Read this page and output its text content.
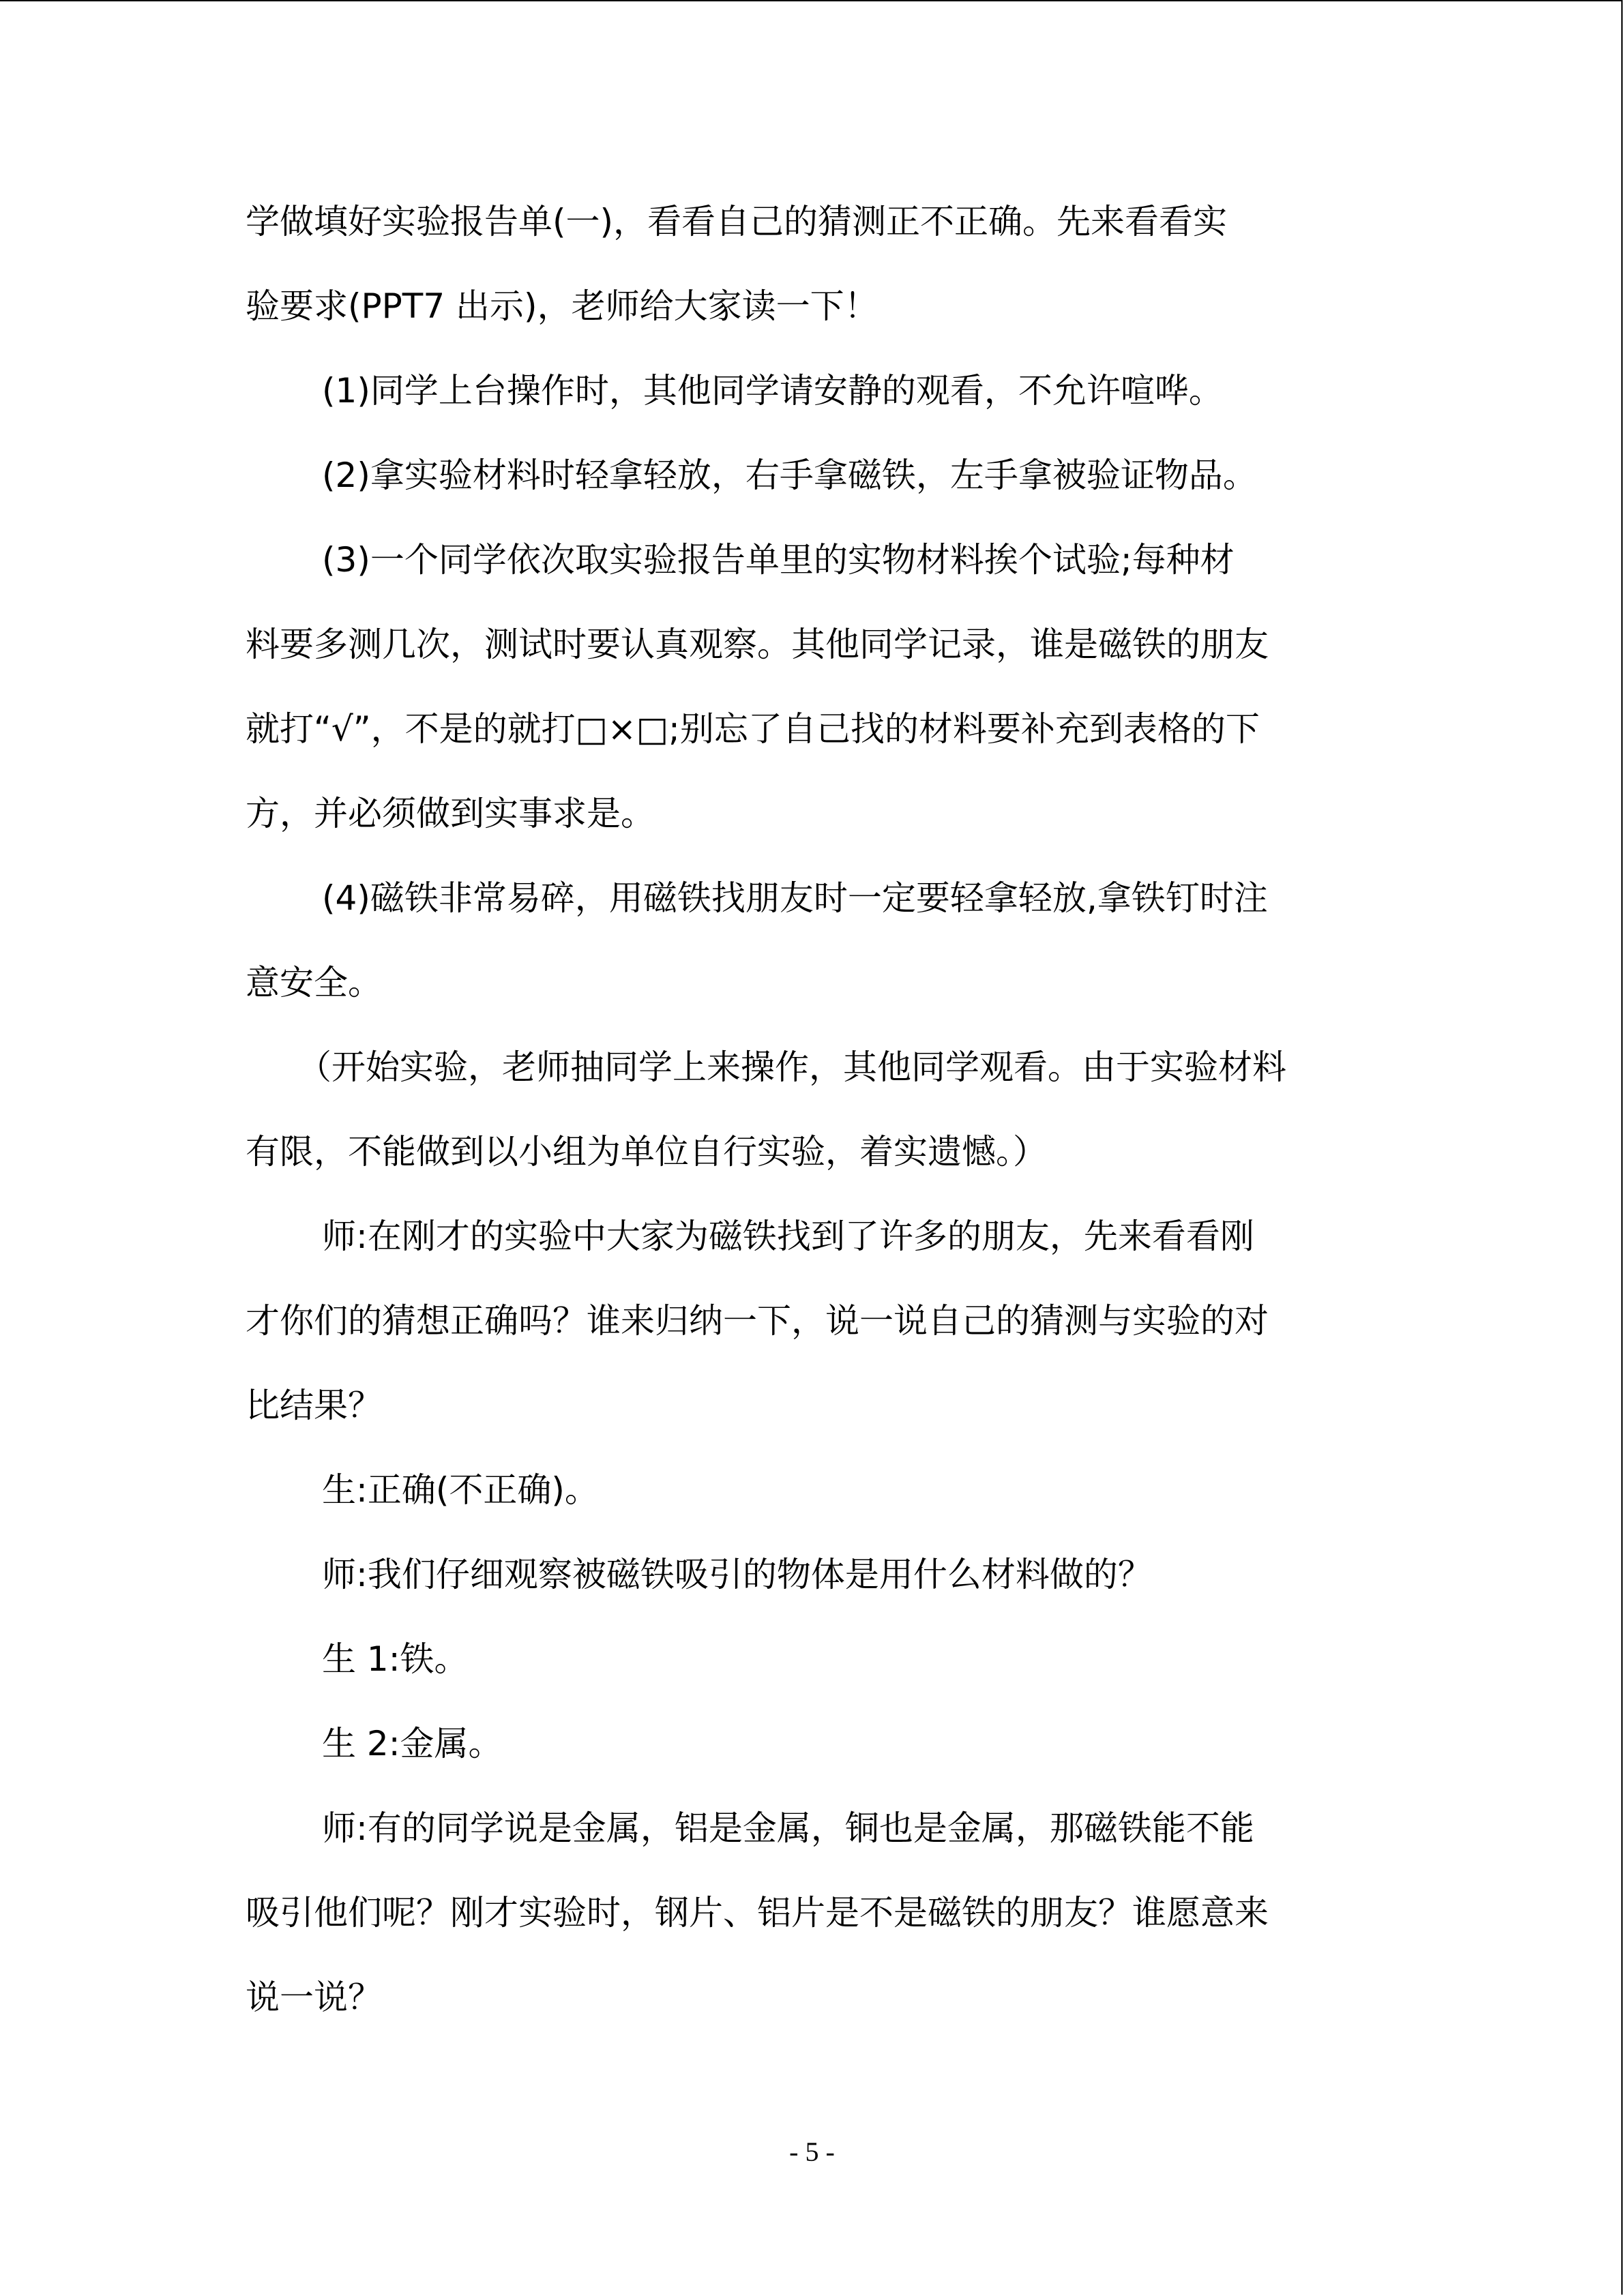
学做填好实验报告单(一)，看看自己的猜测正不正确。先来看看实
验要求(PPT7 出示)，老师给大家读一下！
(1)同学上台操作时，其他同学请安静的观看，不允许喧哗。
(2)拿实验材料时轻拿轻放，右手拿磁铁，左手拿被验证物品。
(3)一个同学依次取实验报告单里的实物材料挨个试验;每种材
料要多测几次，测试时要认真观察。其他同学记录，谁是磁铁的朋友
就打“√”，不是的就打□×□;别忘了自己找的材料要补充到表格的下
方，并必须做到实事求是。
(4)磁铁非常易碎，用磁铁找朋友时一定要轻拿轻放,拿铁钉时注
意安全。
（开始实验，老师抽同学上来操作，其他同学观看。由于实验材料
有限，不能做到以小组为单位自行实验，着实遗憾。）
师:在刚才的实验中大家为磁铁找到了许多的朋友，先来看看刚
才你们的猜想正确吗？谁来归纳一下，说一说自己的猜测与实验的对
比结果？
生:正确(不正确)。
师:我们仔细观察被磁铁吸引的物体是用什么材料做的？
生 1:铁。
生 2:金属。
师:有的同学说是金属，铝是金属，铜也是金属，那磁铁能不能
吸引他们呢？刚才实验时，钢片、铝片是不是磁铁的朋友？谁愿意来
说一说？
- 5 -
